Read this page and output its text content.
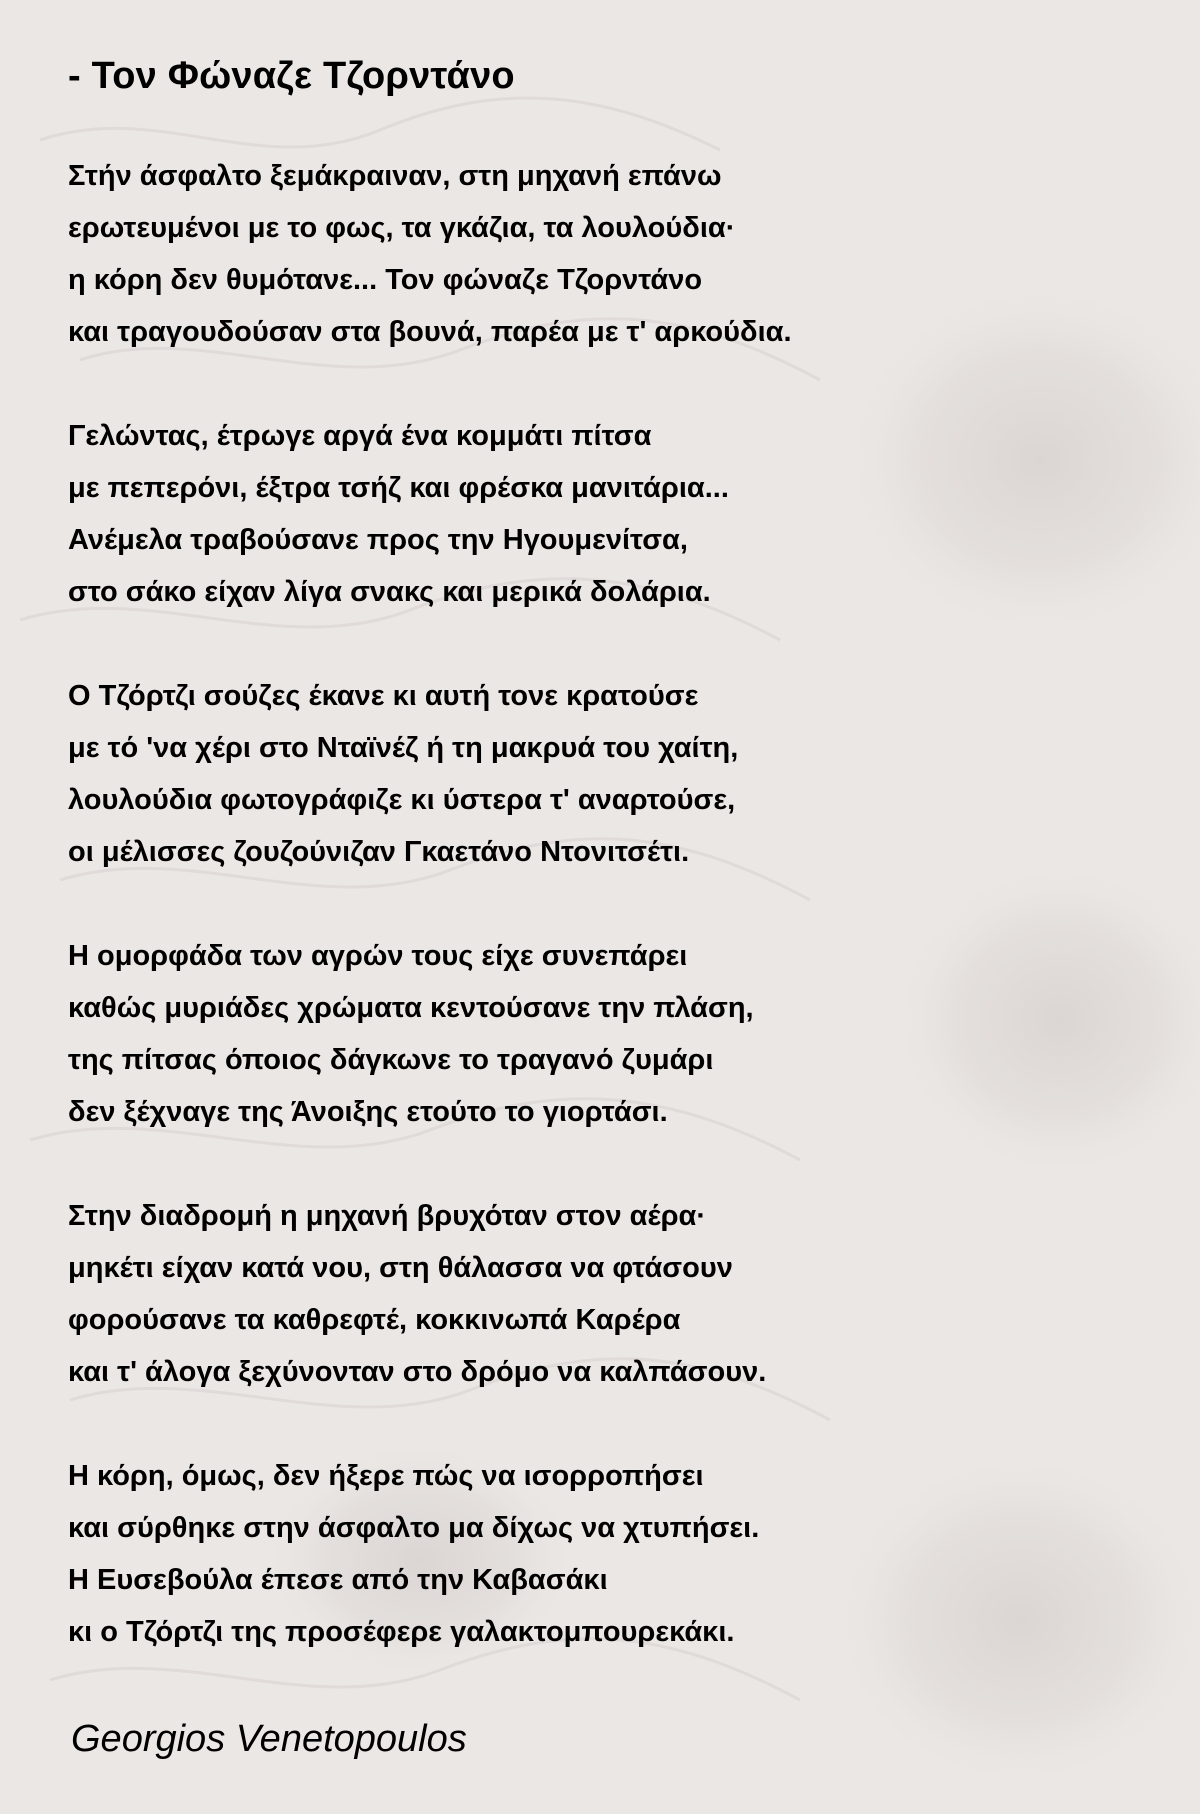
- Τον Φώναζε Τζορντάνο
Στήν άσφαλτο ξεμάκραιναν, στη μηχανή επάνω
ερωτευμένοι με το φως, τα γκάζια, τα λουλούδια·
η κόρη δεν θυμότανε... Τον φώναζε Τζορντάνο
και τραγουδούσαν στα βουνά, παρέα με τ' αρκούδια.
Γελώντας, έτρωγε αργά ένα κομμάτι πίτσα
με πεπερόνι, έξτρα τσήζ και φρέσκα μανιτάρια...
Ανέμελα τραβούσανε προς την Ηγουμενίτσα,
στο σάκο είχαν λίγα σνακς και μερικά δολάρια.
Ο Τζόρτζι σούζες έκανε κι αυτή τονε κρατούσε
με τό 'να χέρι στο Νταϊνέζ ή τη μακρυά του χαίτη,
λουλούδια φωτογράφιζε κι ύστερα τ' αναρτούσε,
οι μέλισσες ζουζούνιζαν Γκαετάνο Ντονιτσέτι.
Η ομορφάδα των αγρών τους είχε συνεπάρει
καθώς μυριάδες χρώματα κεντούσανε την πλάση,
της πίτσας όποιος δάγκωνε το τραγανό ζυμάρι
δεν ξέχναγε της Άνοιξης ετούτο το γιορτάσι.
Στην διαδρομή η μηχανή βρυχόταν στον αέρα·
μηκέτι είχαν κατά νου, στη θάλασσα να φτάσουν
φορούσανε τα καθρεφτέ, κοκκινωπά Καρέρα
και τ' άλογα ξεχύνονταν στο δρόμο να καλπάσουν.
Η κόρη, όμως, δεν ήξερε πώς να ισορροπήσει
και σύρθηκε στην άσφαλτο μα δίχως να χτυπήσει.
Η Ευσεβούλα έπεσε από την Καβασάκι
κι ο Τζόρτζι της προσέφερε γαλακτομπουρεκάκι.
Georgios Venetopoulos
